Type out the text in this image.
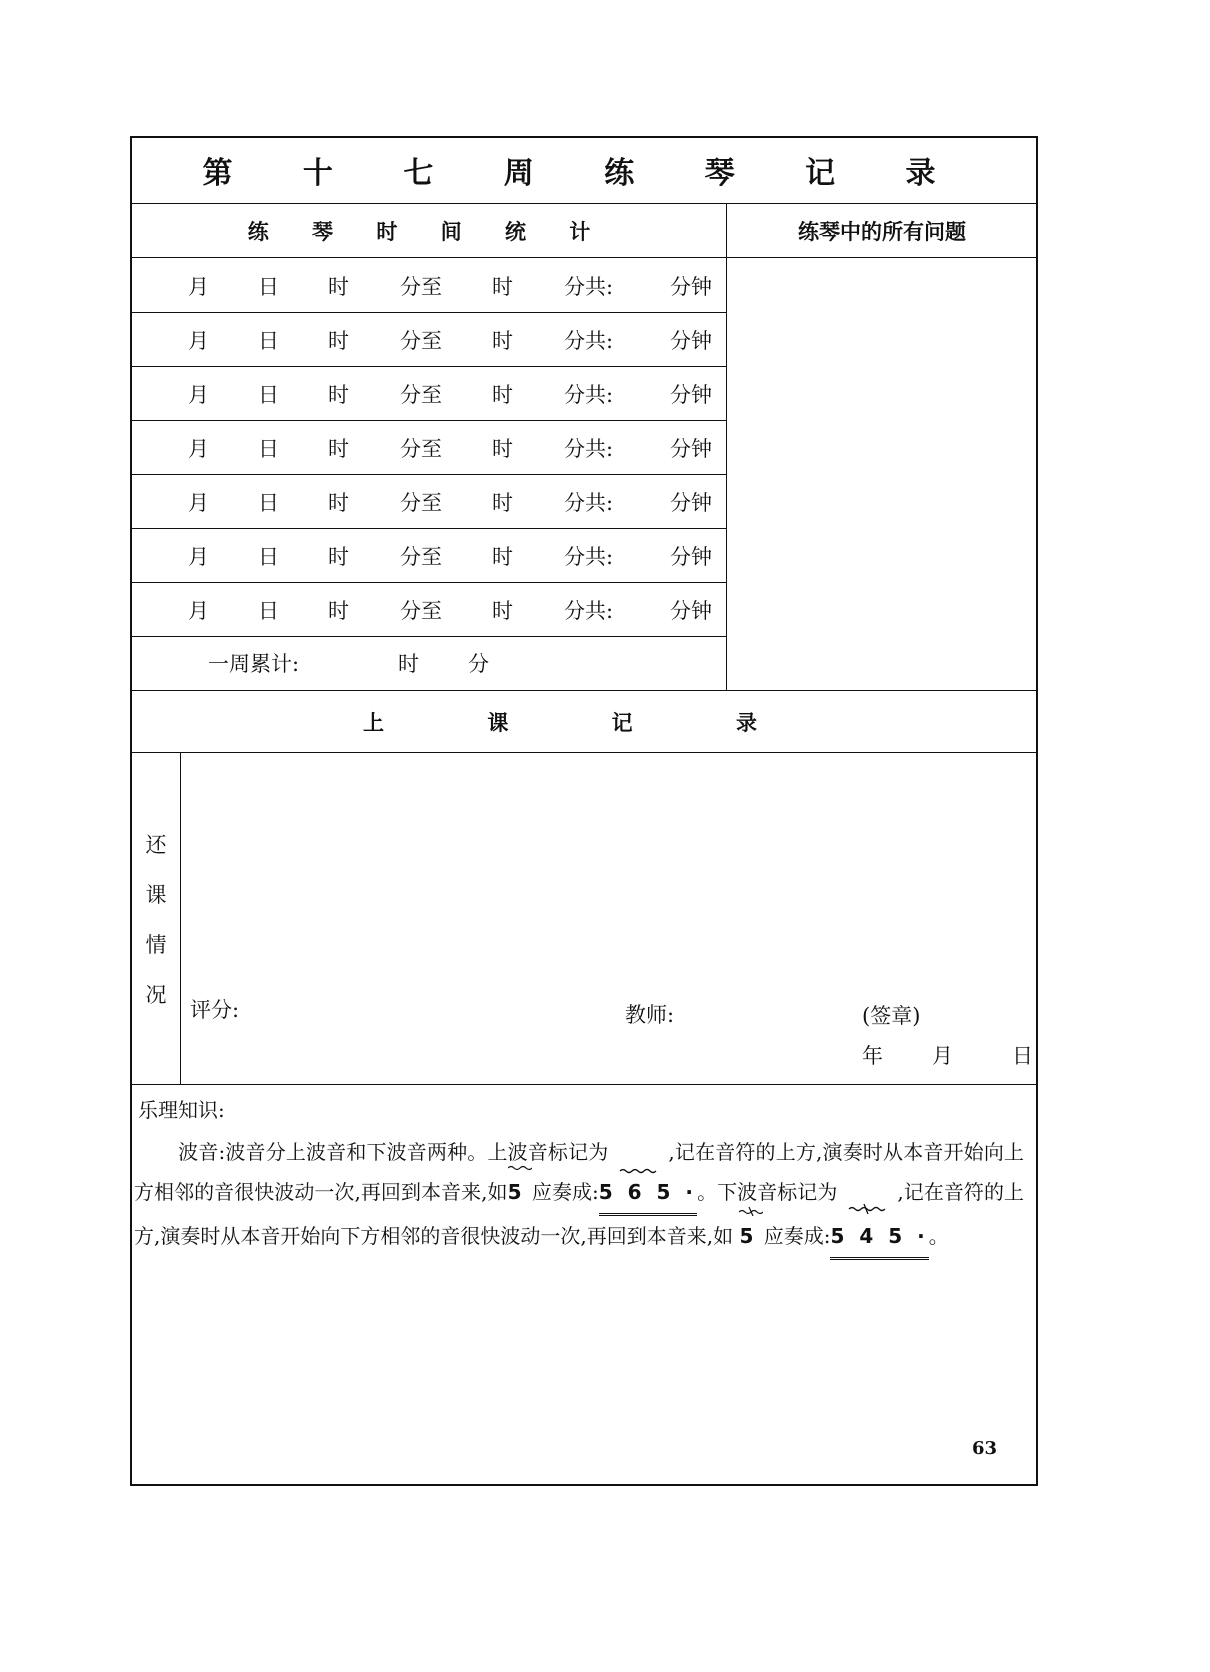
第 十 七 周 练 琴 记 录
练 琴 时 间 统 计	练琴中的所有问题
月 日 时 分至 时 分共:	分钟
月 日 时 分至 时 分共:	分钟
月 日 时 分至 时 分共:	分钟
月 日 时 分至 时 分共:	分钟
月 日 时 分至 时 分共:	分钟
月 日 时 分至 时 分共:	分钟
月 日 时 分至 时 分共:	分钟
一周累计:	时 分
上 课 记 录
还
课
情
况
评分:	教师:	(签章)
年 月	日
乐理知识:
波音:波音分上波音和下波音两种。上波音标记为	,记在音符的上方,演奏时从本音开始向上方相邻的音很快波动一次,再回到本音来,如
5 应奏成:5 6 5 ·。下波音标记为	,记在音符的上方,演奏时从本音开始向下方相邻的音很快波动一次,再回到本音来,如 5 应奏成:5 4 5 ·。
63
